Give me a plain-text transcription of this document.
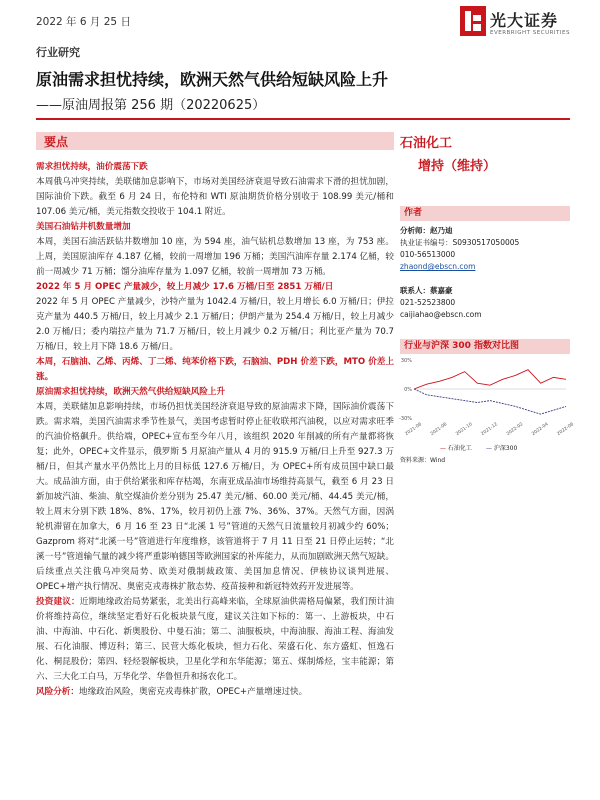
2022 年 6 月 25 日	光大证券
EVERBRIGHT SECURITIES
行业研究
原油需求担忧持续，欧洲天然气供给短缺风险上升
——原油周报第 256 期（20220625）
要点

需求担忧持续，油价震荡下跌

本周俄乌冲突持续，美联储加息影响下，市场对美国经济衰退导致石油需求下滑的担忧加剧，国际油价下跌。截至 6 月 24 日，布伦特和 WTI 原油期货价格分别收于 108.99 美元/桶和 107.06 美元/桶，美元指数交投收于 104.1 附近。

美国石油钻井机数量增加

本周，美国石油活跃钻井数增加 10 座，为 594 座，油气钻机总数增加 13 座，为 753 座。上周，美国原油库存 4.187 亿桶，较前一周增加 196 万桶；美国汽油库存量 2.174 亿桶，较前一周减少 71 万桶；馏分油库存量为 1.097 亿桶，较前一周增加 73 万桶。

2022 年 5 月 OPEC 产量减少，较上月减少 17.6 万桶/日至 2851 万桶/日

2022 年 5 月 OPEC 产量减少，沙特产量为 1042.4 万桶/日，较上月增长 6.0 万桶/日；伊拉克产量为 440.5 万桶/日，较上月减少 2.1 万桶/日；伊朗产量为 254.4 万桶/日，较上月减少 2.0 万桶/日；委内瑞拉产量为 71.7 万桶/日，较上月减少 0.2 万桶/日；利比亚产量为 70.7 万桶/日，较上月下降 18.6 万桶/日。

本周，石脑油、乙烯、丙烯、丁二烯、纯苯价格下跌，石脑油、PDH 价差下跌，MTO 价差上涨。

原油需求担忧持续，欧洲天然气供给短缺风险上升

本周，美联储加息影响持续，市场仍担忧美国经济衰退导致的原油需求下降，国际油价震荡下跌。需求端，美国汽油需求季节性景气，美国考虑暂时停止征收联邦汽油税，以应对需求旺季的汽油价格飙升。供给端，OPEC+宣布至今年八月，该组织 2020 年削减的所有产量都将恢复；此外，OPEC+文件显示，俄罗斯 5 月原油产量从 4 月的 915.9 万桶/日上升至 927.3 万桶/日，但其产量水平仍然比上月的目标低 127.6 万桶/日，为 OPEC+所有成员国中缺口最大。成品油方面，由于供给紧张和库存枯竭，东南亚成品油市场维持高景气，截至 6 月 23 日新加坡汽油、柴油、航空煤油价差分别为 25.47 美元/桶、60.00 美元/桶、44.45 美元/桶，较上周末分别下跌 18%、8%、17%，较月初仍上涨 7%、36%、37%。天然气方面，因涡轮机滞留在加拿大，6 月 16 至 23 日“北溪 1 号”管道的天然气日流量较月初减少约 60%；Gazprom 将对“北溪一号”管道进行年度维修，该管道将于 7 月 11 日至 21 日停止运转；“北溪一号”管道输气量的减少将严重影响德国等欧洲国家的补库能力，从而加剧欧洲天然气短缺。后续重点关注俄乌冲突局势、欧美对俄制裁政策、美国加息情况、伊核协议谈判进展、OPEC+增产执行情况、奥密克戎毒株扩散态势、疫苗接种和新冠特效药开发进展等。

投资建议：近期地缘政治局势紧张，北美出行高峰来临，全球原油供需格局偏紧，我们预计油价将维持高位，继续坚定看好石化板块景气度，建议关注如下标的：第一、上游板块，中石油、中海油、中石化、新奥股份、中曼石油；第二、油服板块，中海油服、海油工程、海油发展、石化油服、博迈科；第三、民营大炼化板块，恒力石化、荣盛石化、东方盛虹、恒逸石化、桐昆股份；第四、轻烃裂解板块，卫星化学和东华能源；第五、煤制烯烃，宝丰能源；第六、三大化工白马，万华化学、华鲁恒升和扬农化工。

风险分析：地缘政治风险，奥密克戎毒株扩散，OPEC+产量增速过快。

石油化工
增持（维持）
作者
分析师：赵乃迪
执业证书编号：S0930517050005
010-56513000
zhaond@ebscn.com
联系人：蔡嘉豪
021-52523800
caijiahao@ebscn.com
行业与沪深 300 指数对比图
-30%
0%
30%
2021-06 2021-08 2021-10 2021-12 2022-02 2022-04 2022-06
— 石油化工 — 沪深300
资料来源：Wind
